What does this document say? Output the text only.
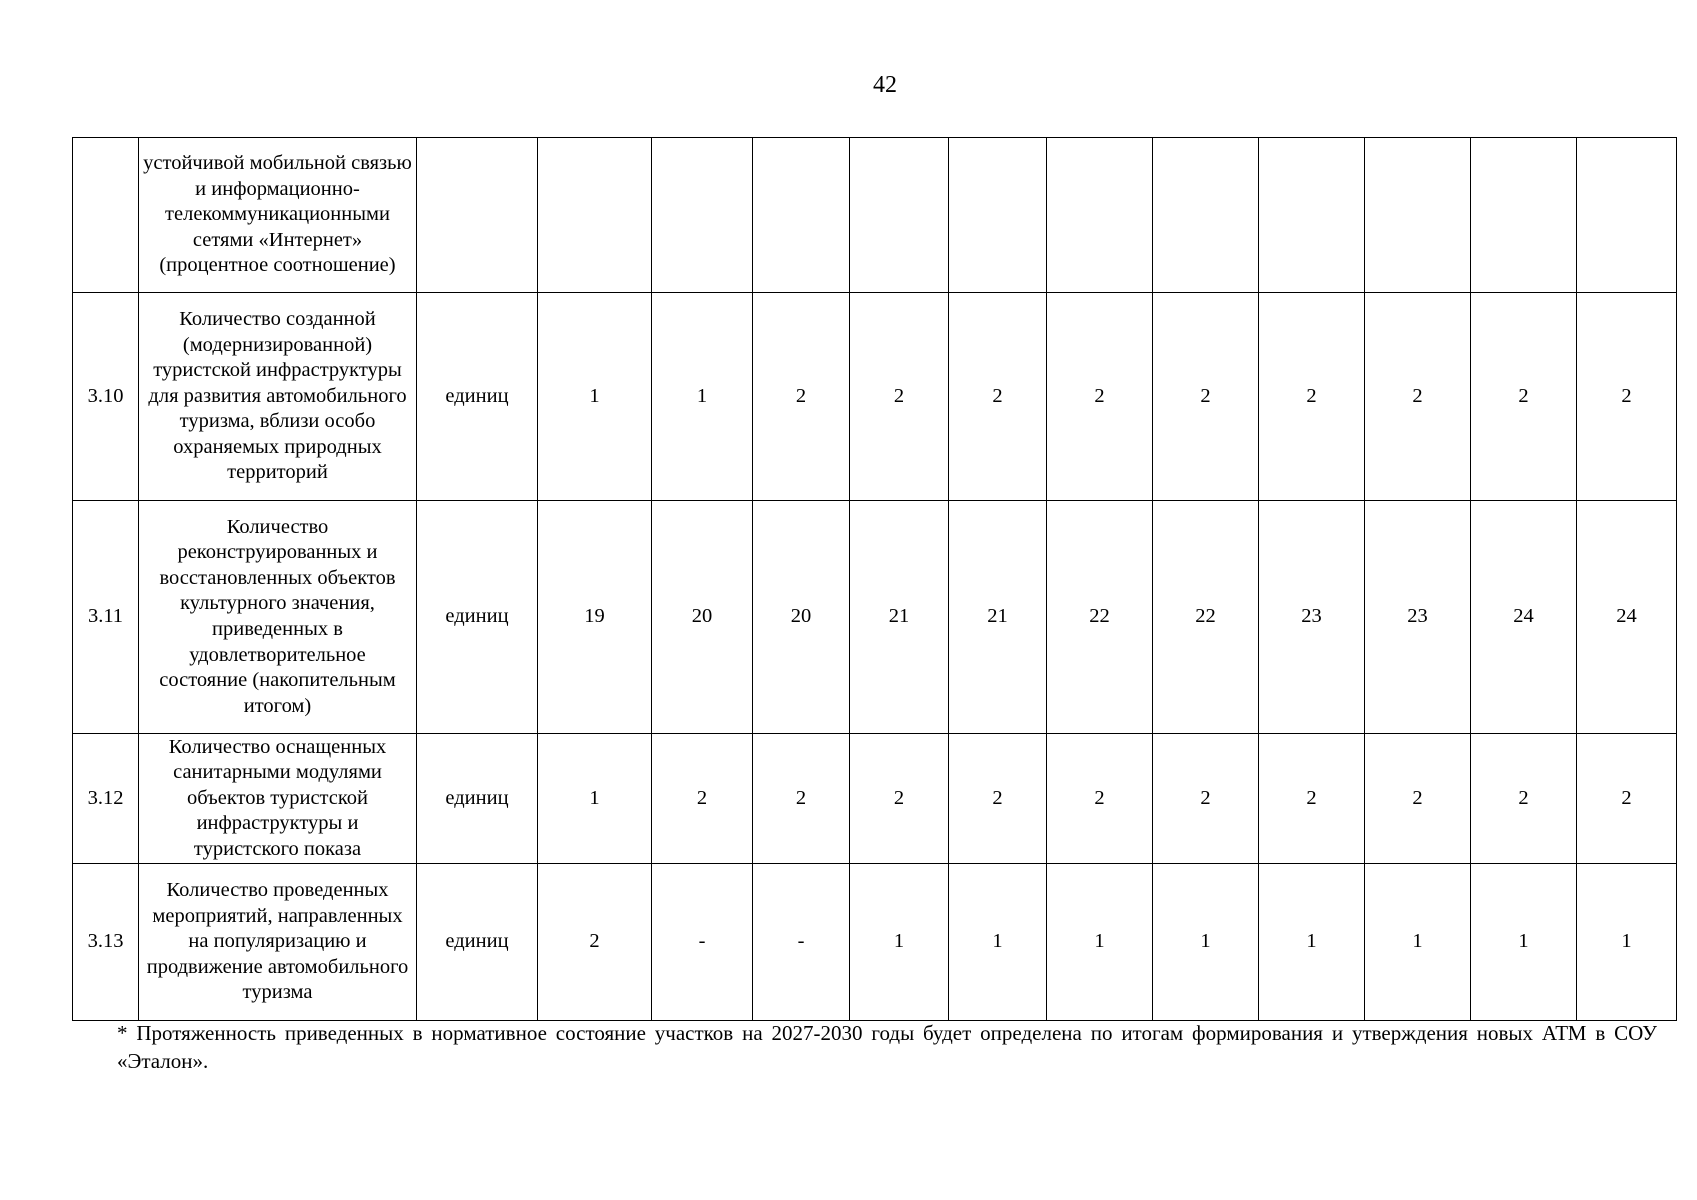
42
	устойчивой мобильной связью и информационно-телекоммуникационными сетями «Интернет» (процентное соотношение)												
3.10	Количество созданной (модернизированной) туристской инфраструктуры для развития автомобильного туризма, вблизи особо охраняемых природных территорий	единиц	1	1	2	2	2	2	2	2	2	2	2
3.11	Количество реконструированных и восстановленных объектов культурного значения, приведенных в удовлетворительное состояние (накопительным итогом)	единиц	19	20	20	21	21	22	22	23	23	24	24
3.12	Количество оснащенных санитарными модулями объектов туристской инфраструктуры и туристского показа	единиц	1	2	2	2	2	2	2	2	2	2	2
3.13	Количество проведенных мероприятий, направленных на популяризацию и продвижение автомобильного туризма	единиц	2	-	-	1	1	1	1	1	1	1	1
* Протяженность приведенных в нормативное состояние участков на 2027-2030 годы будет определена по итогам формирования и утверждения новых АТМ в СОУ «Эталон».
